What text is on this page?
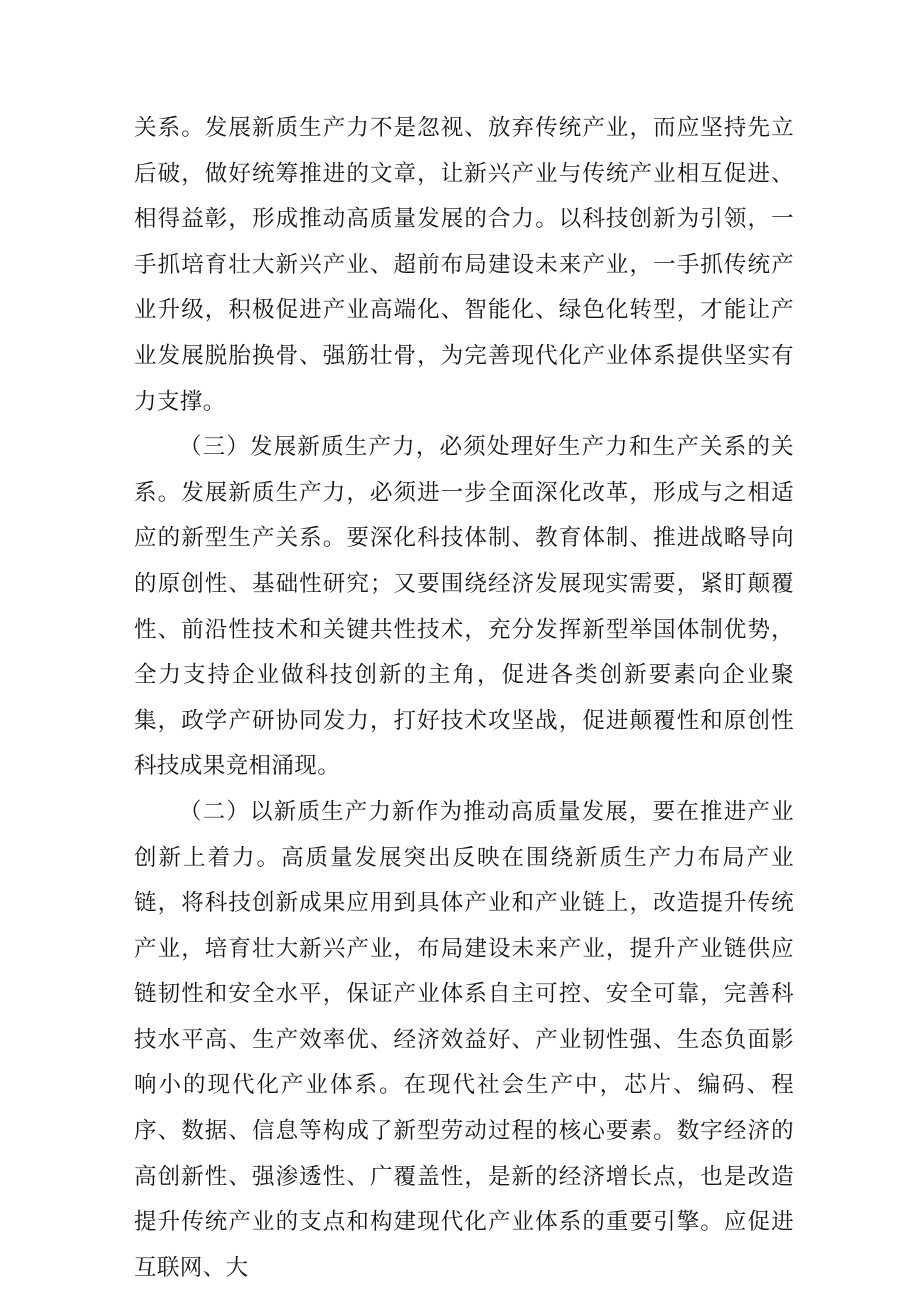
关系。发展新质生产力不是忽视、放弃传统产业，而应坚持先立后破，做好统筹推进的文章，让新兴产业与传统产业相互促进、相得益彰，形成推动高质量发展的合力。以科技创新为引领，一手抓培育壮大新兴产业、超前布局建设未来产业，一手抓传统产业升级，积极促进产业高端化、智能化、绿色化转型，才能让产业发展脱胎换骨、强筋壮骨，为完善现代化产业体系提供坚实有力支撑。

（三）发展新质生产力，必须处理好生产力和生产关系的关系。发展新质生产力，必须进一步全面深化改革，形成与之相适应的新型生产关系。要深化科技体制、教育体制、推进战略导向的原创性、基础性研究；又要围绕经济发展现实需要，紧盯颠覆性、前沿性技术和关键共性技术，充分发挥新型举国体制优势，全力支持企业做科技创新的主角，促进各类创新要素向企业聚集，政学产研协同发力，打好技术攻坚战，促进颠覆性和原创性科技成果竞相涌现。

（二）以新质生产力新作为推动高质量发展，要在推进产业创新上着力。高质量发展突出反映在围绕新质生产力布局产业链，将科技创新成果应用到具体产业和产业链上，改造提升传统产业，培育壮大新兴产业，布局建设未来产业，提升产业链供应链韧性和安全水平，保证产业体系自主可控、安全可靠，完善科技水平高、生产效率优、经济效益好、产业韧性强、生态负面影响小的现代化产业体系。在现代社会生产中，芯片、编码、程序、数据、信息等构成了新型劳动过程的核心要素。数字经济的高创新性、强渗透性、广覆盖性，是新的经济增长点，也是改造提升传统产业的支点和构建现代化产业体系的重要引擎。应促进互联网、大
